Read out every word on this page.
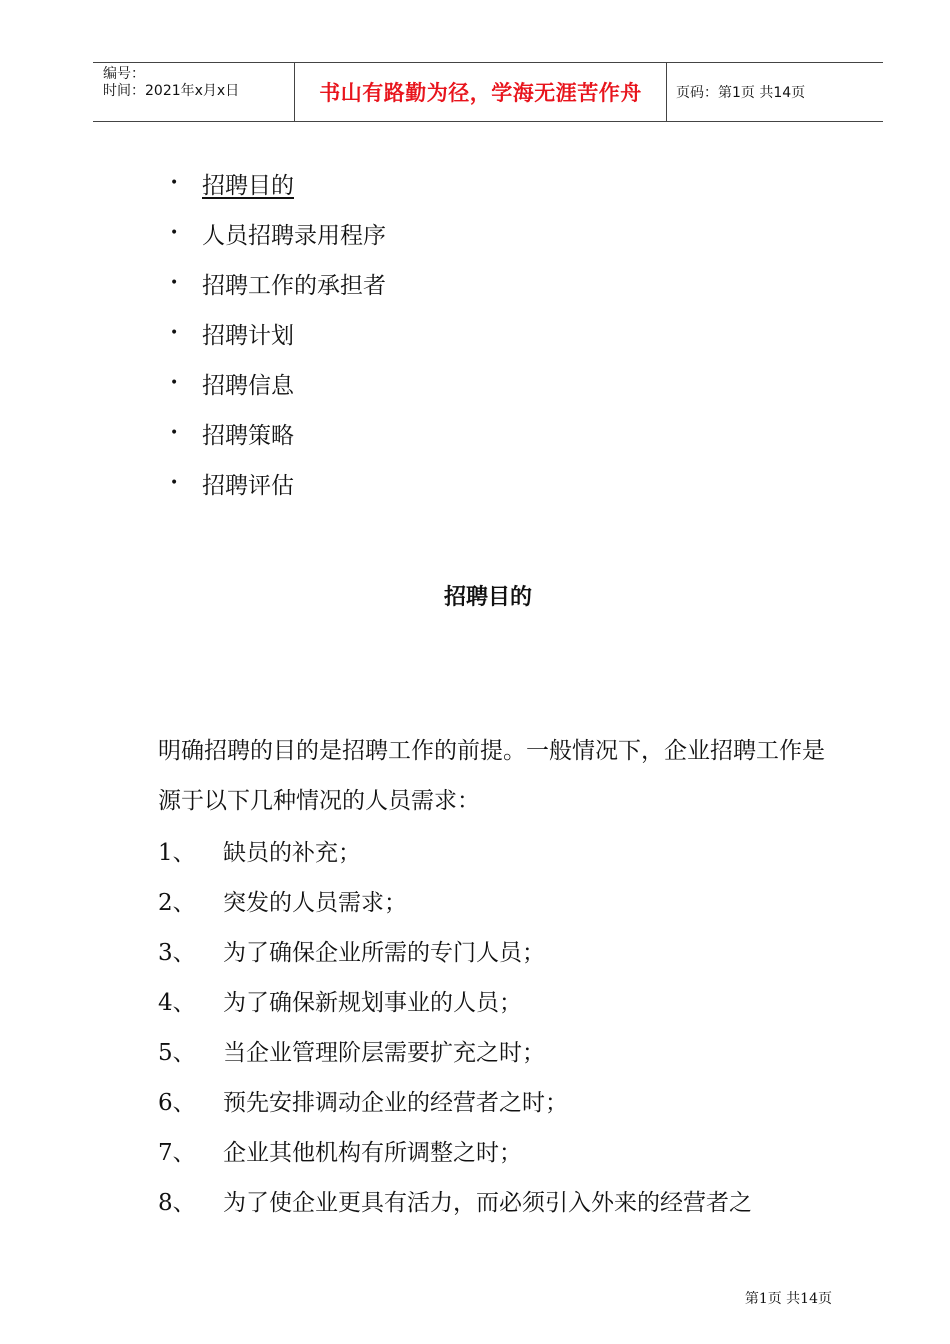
编号：
时间：2021年x月x日	书山有路勤为径，学海无涯苦作舟	页码：第1页 共14页
•	招聘目的
•	人员招聘录用程序
•	招聘工作的承担者
•	招聘计划
•	招聘信息
•	招聘策略
•	招聘评估
招聘目的
明确招聘的目的是招聘工作的前提。一般情况下，企业招聘工作是源于以下几种情况的人员需求：
1、	缺员的补充；
2、	突发的人员需求；
3、	为了确保企业所需的专门人员；
4、	为了确保新规划事业的人员；
5、	当企业管理阶层需要扩充之时；
6、	预先安排调动企业的经营者之时；
7、	企业其他机构有所调整之时；
8、	为了使企业更具有活力，而必须引入外来的经营者之
第1页 共14页
